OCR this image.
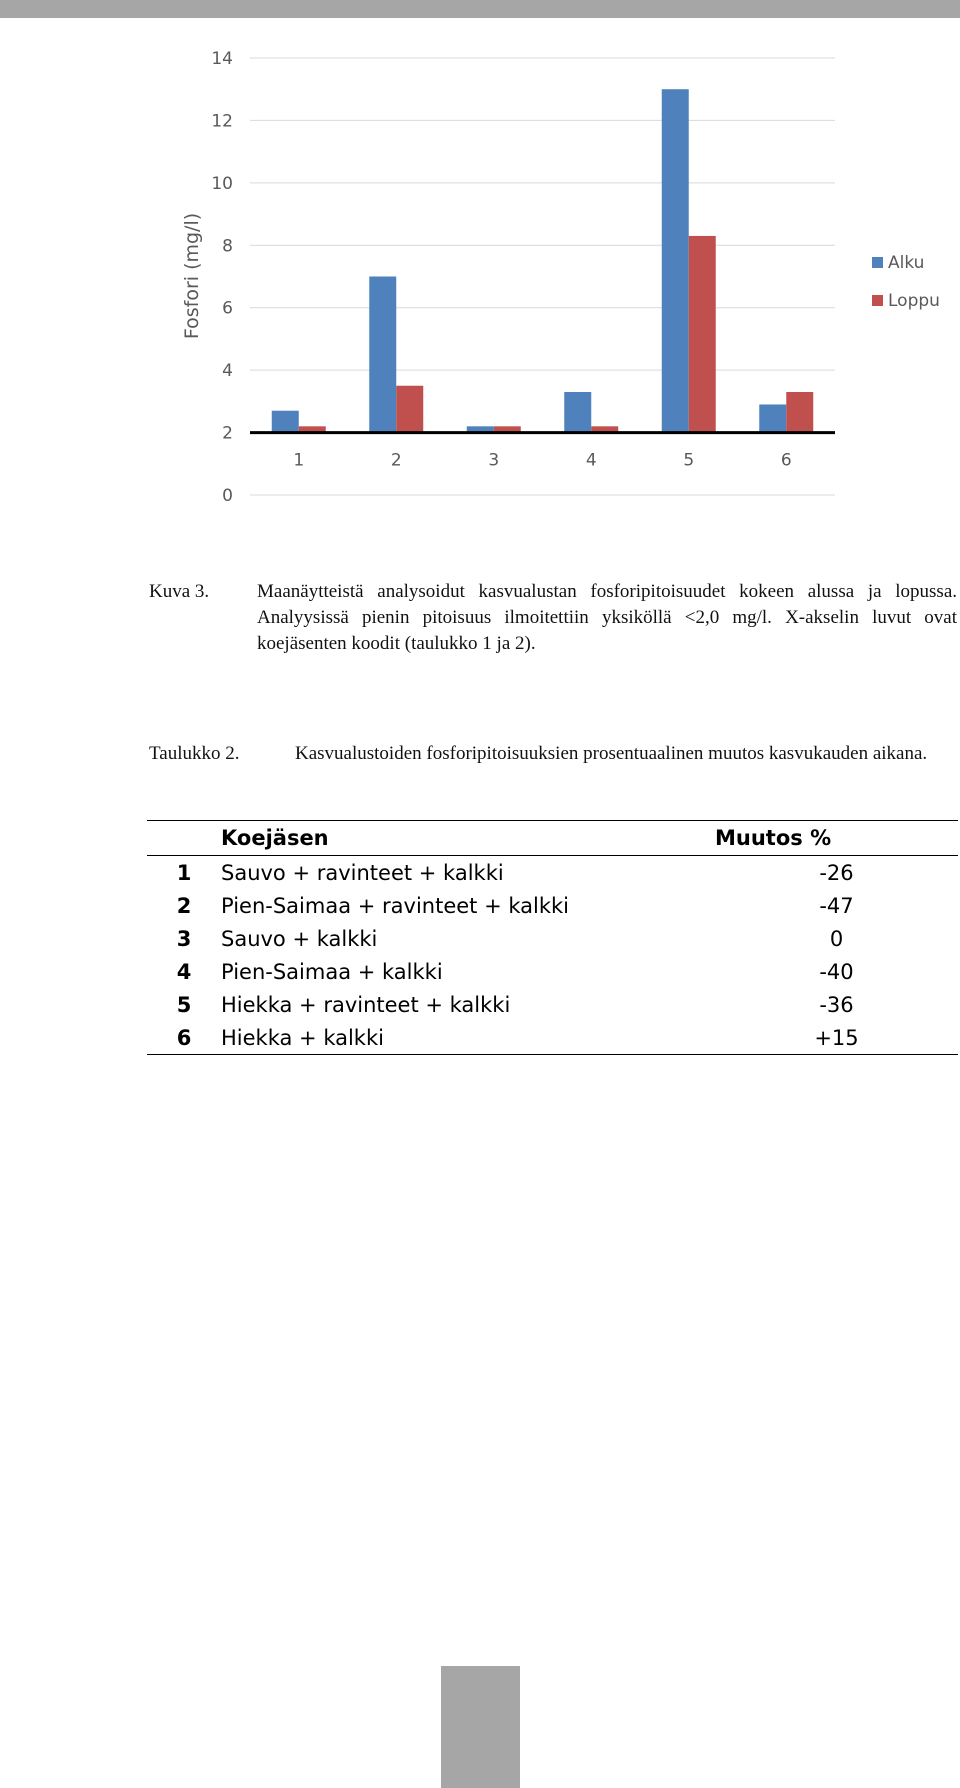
0
2
4
6
8
10
12
14
1	2	3	4	5	6
Fosfori (mg/l)	Alku
Loppu
Kuva 3.	Maanäytteistä analysoidut kasvualustan fosforipitoisuudet kokeen alussa ja lopussa. Analyysissä pienin pitoisuus ilmoitettiin yksiköllä <2,0 mg/l. X-akselin luvut ovat koejäsenten koodit (taulukko 1 ja 2).
Taulukko 2.	Kasvualustoiden fosforipitoisuuksien prosentuaalinen muutos kasvukauden aikana.
	Koejäsen	Muutos %
1	Sauvo + ravinteet + kalkki	-26
2	Pien-Saimaa + ravinteet + kalkki	-47
3	Sauvo + kalkki	0
4	Pien-Saimaa + kalkki	-40
5	Hiekka + ravinteet + kalkki	-36
6	Hiekka + kalkki	+15
